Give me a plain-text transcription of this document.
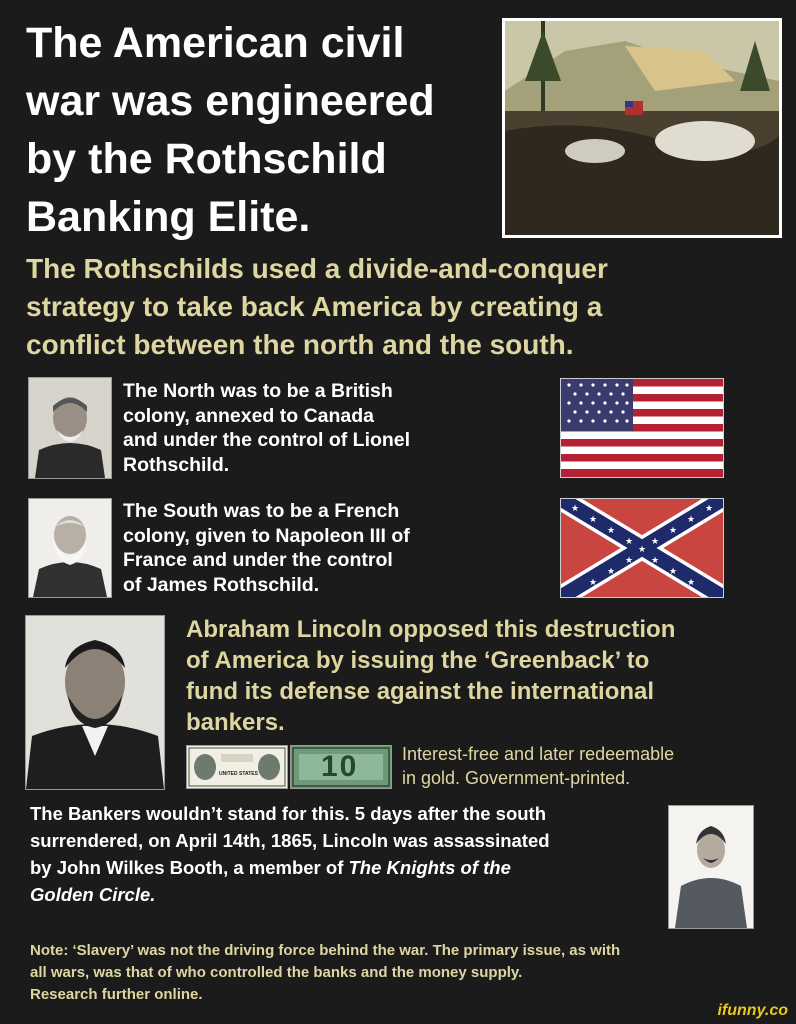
The American civil
war was engineered
by the Rothschild
Banking Elite.
The Rothschilds used a divide-and-conquer
strategy to take back America by creating a
conflict between the north and the south.
The North was to be a British
colony, annexed to Canada
and under the control of Lionel
Rothschild.
The South was to be a French
colony, given to Napoleon III of
France and under the control
of James Rothschild.
★
★
★
★
★
★
★
★
★
★
★
★
★
★
★
Abraham Lincoln opposed this destruction
of America by issuing the ‘Greenback’ to
fund its defense against the international
bankers.
UNITED STATES 10 Interest-free and later redeemable
in gold. Government-printed.
The Bankers wouldn’t stand for this. 5 days after the south
surrendered, on April 14th, 1865, Lincoln was assassinated
by John Wilkes Booth, a member of The Knights of the
Golden Circle.
Note: ‘Slavery’ was not the driving force behind the war. The primary issue, as with
all wars, was that of who controlled the banks and the money supply.
Research further online.
ifunny.co
